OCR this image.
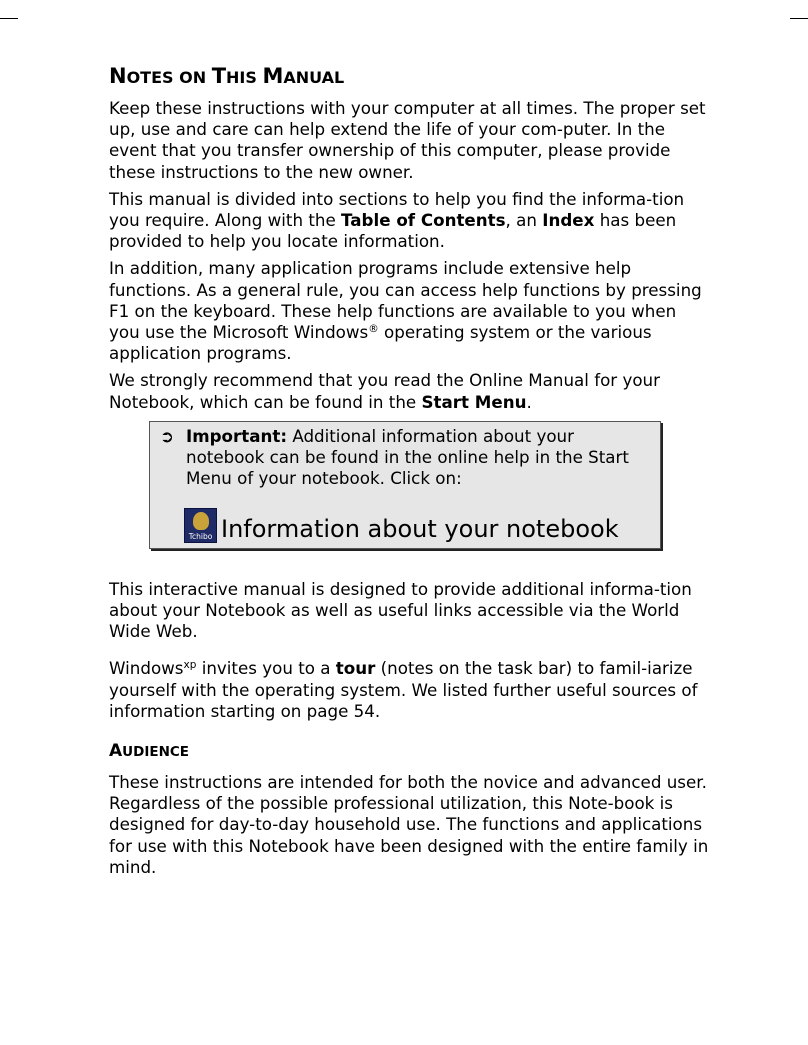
NOTES ON THIS MANUAL

Keep these instructions with your computer at all times. The proper set up, use and care can help extend the life of your com-puter. In the event that you transfer ownership of this computer, please provide these instructions to the new owner.

This manual is divided into sections to help you find the informa-tion you require. Along with the Table of Contents, an Index has been provided to help you locate information.

In addition, many application programs include extensive help functions. As a general rule, you can access help functions by pressing F1 on the keyboard. These help functions are available to you when you use the Microsoft Windows® operating system or the various application programs.

We strongly recommend that you read the Online Manual for your Notebook, which can be found in the Start Menu.

➲ Important: Additional information about your notebook can be found in the online help in the Start Menu of your notebook. Click on:
Tchibo Information about your notebook

This interactive manual is designed to provide additional informa-tion about your Notebook as well as useful links accessible via the World Wide Web.

Windows$^{xp}$ invites you to a tour (notes on the task bar) to famil-iarize yourself with the operating system. We listed further useful sources of information starting on page 54.

AUDIENCE

These instructions are intended for both the novice and advanced user. Regardless of the possible professional utilization, this Note-book is designed for day-to-day household use. The functions and applications for use with this Notebook have been designed with the entire family in mind.
